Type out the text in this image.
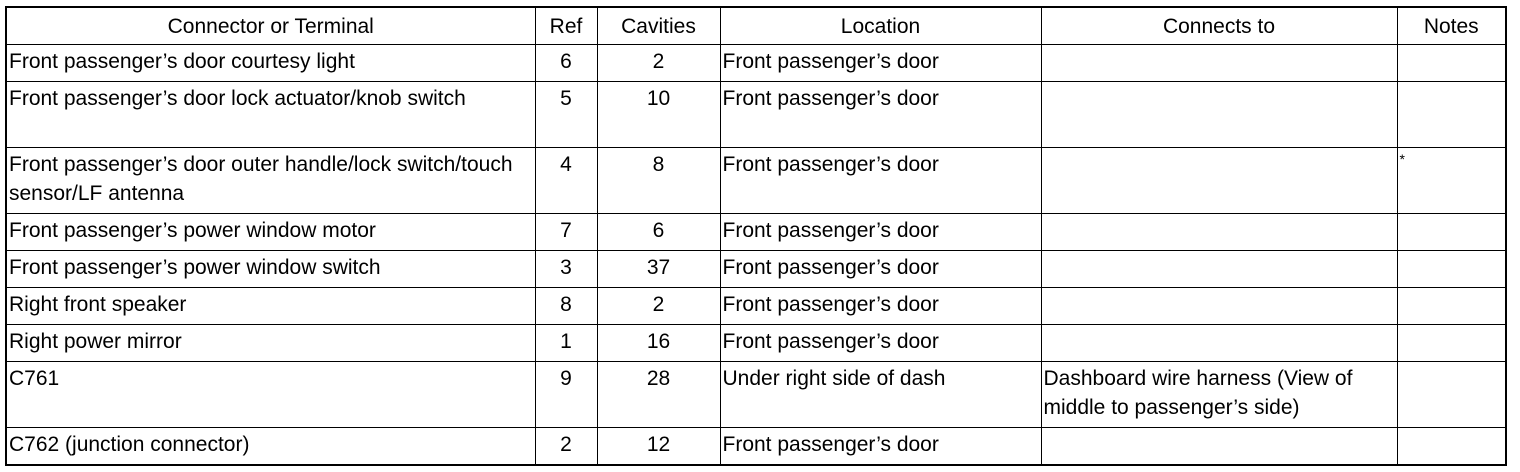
Connector or Terminal	Ref	Cavities	Location	Connects to	Notes
Front passenger’s door courtesy light	6	2	Front passenger’s door		
Front passenger’s door lock actuator/knob switch	5	10	Front passenger’s door		
Front passenger’s door outer handle/lock switch/touch sensor/LF antenna	4	8	Front passenger’s door		*
Front passenger’s power window motor	7	6	Front passenger’s door		
Front passenger’s power window switch	3	37	Front passenger’s door		
Right front speaker	8	2	Front passenger’s door		
Right power mirror	1	16	Front passenger’s door		
C761	9	28	Under right side of dash	Dashboard wire harness (View of middle to passenger’s side)	
C762 (junction connector)	2	12	Front passenger’s door		
